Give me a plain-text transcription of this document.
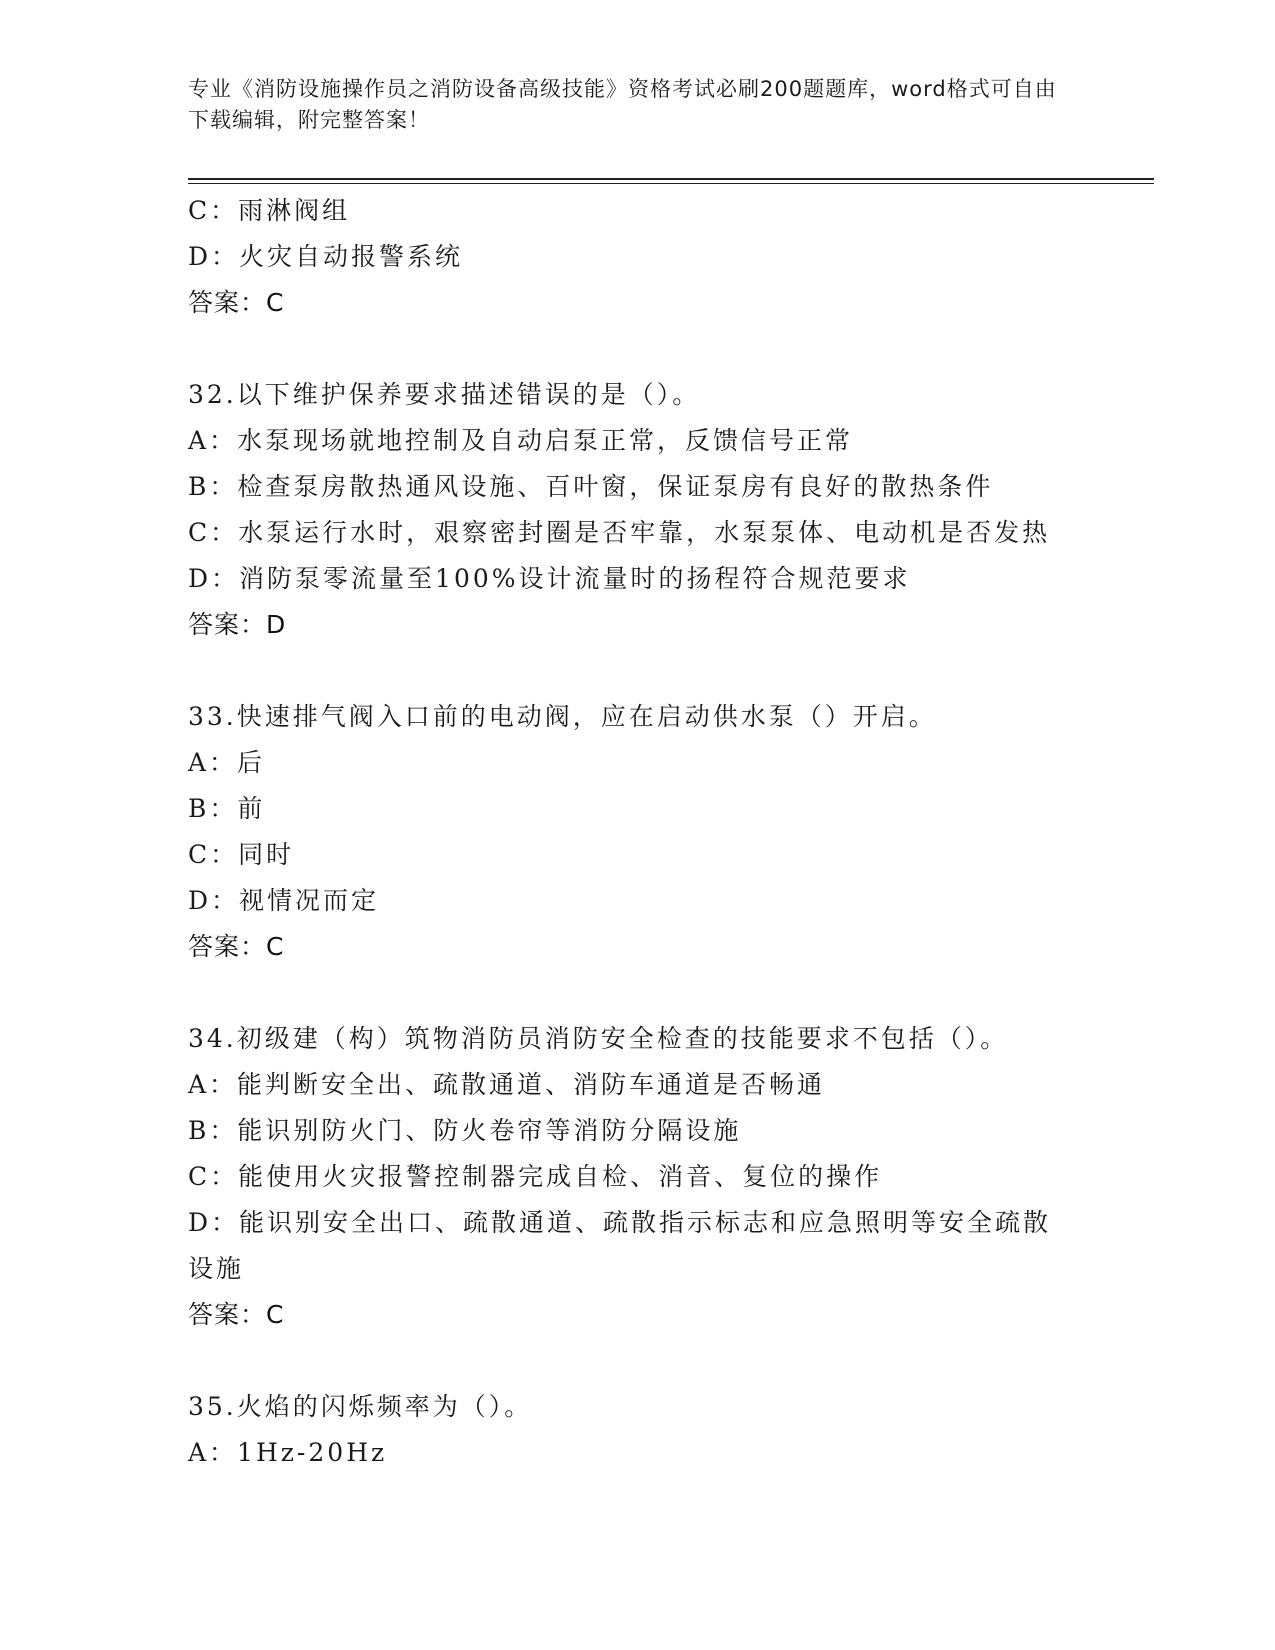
专业《消防设施操作员之消防设备高级技能》资格考试必刷200题题库，word格式可自由下载编辑，附完整答案！
C：雨淋阀组
D：火灾自动报警系统
答案：C
32.以下维护保养要求描述错误的是（）。
A：水泵现场就地控制及自动启泵正常，反馈信号正常
B：检查泵房散热通风设施、百叶窗，保证泵房有良好的散热条件
C：水泵运行水时，艰察密封圈是否牢靠，水泵泵体、电动机是否发热
D：消防泵零流量至100%设计流量时的扬程符合规范要求
答案：D
33.快速排气阀入口前的电动阀，应在启动供水泵（）开启。
A：后
B：前
C：同时
D：视情况而定
答案：C
34.初级建（构）筑物消防员消防安全检查的技能要求不包括（）。
A：能判断安全出、疏散通道、消防车通道是否畅通
B：能识别防火门、防火卷帘等消防分隔设施
C：能使用火灾报警控制器完成自检、消音、复位的操作
D：能识别安全出口、疏散通道、疏散指示标志和应急照明等安全疏散设施
答案：C
35.火焰的闪烁频率为（）。
A：1Hz-20Hz
